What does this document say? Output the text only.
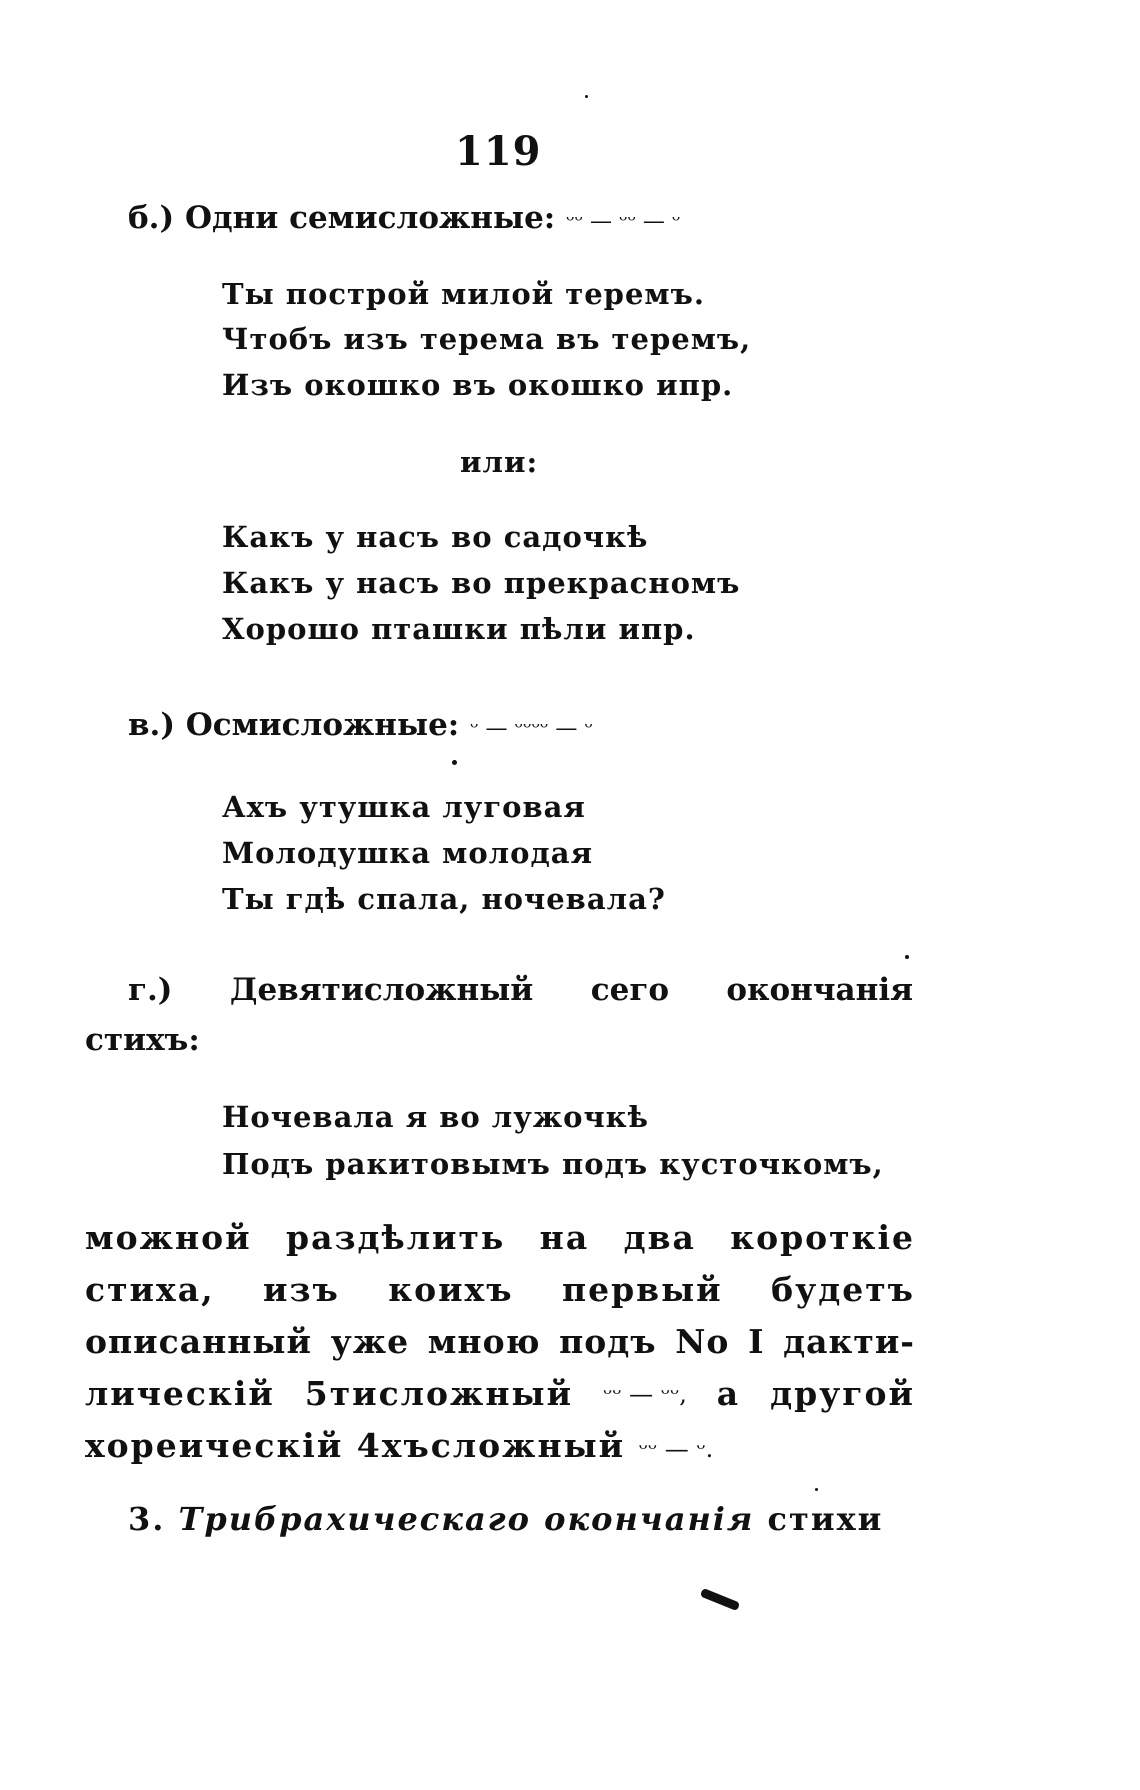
119
б.) Одни семисложные: ᵕᵕ — ᵕᵕ — ᵕ
Ты построй милой теремъ.
Чтобъ изъ терема въ теремъ,
Изъ окошко въ окошко ипр.
или:
Какъ у насъ во садочкѣ
Какъ у насъ во прекрасномъ
Хорошо пташки пѣли ипр.
в.) Осмисложные: ᵕ — ᵕᵕᵕᵕ — ᵕ
Ахъ утушка луговая
Молодушка молодая
Ты гдѣ спала, ночевала?
г.) Девятисложный сего окончанія
стихъ:
Ночевала я во лужочкѣ
Подъ ракитовымъ подъ кусточкомъ,
можной раздѣлить на два короткіе
стиха, изъ коихъ первый будетъ
описанный уже мною подъ No I дакти-
лическій 5тисложный ᵕᵕ — ᵕᵕ, а другой
хореическій 4хъсложный ᵕᵕ — ᵕ.
3. Трибрахическаго окончанія стихи
